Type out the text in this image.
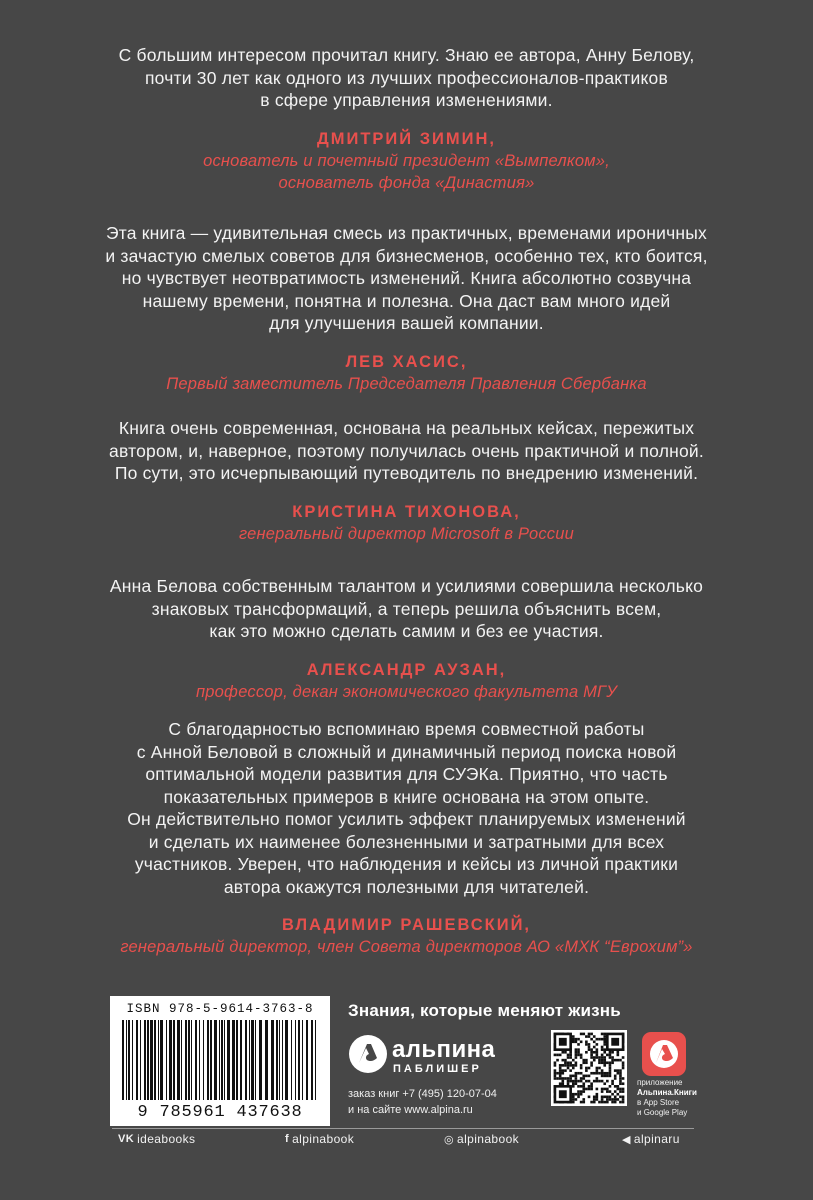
С большим интересом прочитал книгу. Знаю ее автора, Анну Белову,

почти 30 лет как одного из лучших профессионалов-практиков

в сфере управления изменениями.

ДМИТРИЙ ЗИМИН,
основатель и почетный президент «Вымпелком»,
основатель фонда «Династия»

Эта книга — удивительная смесь из практичных, временами ироничных

и зачастую смелых советов для бизнесменов, особенно тех, кто боится,

но чувствует неотвратимость изменений. Книга абсолютно созвучна

нашему времени, понятна и полезна. Она даст вам много идей

для улучшения вашей компании.

ЛЕВ ХАСИС,
Первый заместитель Председателя Правления Сбербанка

Книга очень современная, основана на реальных кейсах, пережитых

автором, и, наверное, поэтому получилась очень практичной и полной.

По сути, это исчерпывающий путеводитель по внедрению изменений.

КРИСТИНА ТИХОНОВА,
генеральный директор Microsoft в России

Анна Белова собственным талантом и усилиями совершила несколько

знаковых трансформаций, а теперь решила объяснить всем,

как это можно сделать самим и без ее участия.

АЛЕКСАНДР АУЗАН,
профессор, декан экономического факультета МГУ

С благодарностью вспоминаю время совместной работы

с Анной Беловой в сложный и динамичный период поиска новой

оптимальной модели развития для СУЭКа. Приятно, что часть

показательных примеров в книге основана на этом опыте.

Он действительно помог усилить эффект планируемых изменений

и сделать их наименее болезненными и затратными для всех

участников. Уверен, что наблюдения и кейсы из личной практики

автора окажутся полезными для читателей.

ВЛАДИМИР РАШЕВСКИЙ,
генеральный директор, член Совета директоров АО «МХК “Еврохим”»
ISBN 978-5-9614-3763-8
9 785961 437638
Знания, которые меняют жизнь
альпина
ПАБЛИШЕР
заказ книг +7 (495) 120-07-04
и на сайте www.alpina.ru
приложение
Альпина.Книги
в App Store
и Google Play
VK ideabooks	f alpinabook	◎ alpinabook	◀ alpinaru
